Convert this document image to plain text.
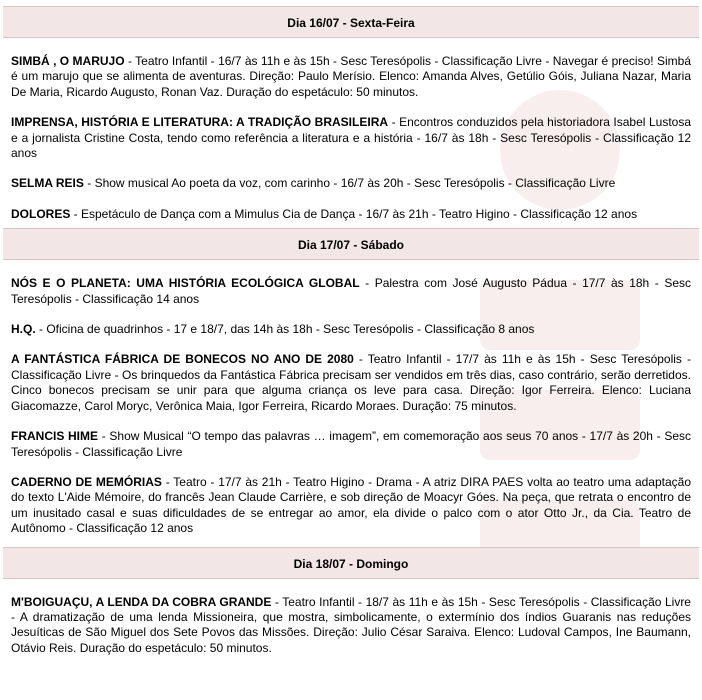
Dia 16/07 - Sexta-Feira
SIMBÁ , O MARUJO - Teatro Infantil - 16/7 às 11h e às 15h - Sesc Teresópolis - Classificação Livre - Navegar é preciso! Simbá é um marujo que se alimenta de aventuras. Direção: Paulo Merísio. Elenco: Amanda Alves, Getúlio Góis, Juliana Nazar, Maria De Maria, Ricardo Augusto, Ronan Vaz. Duração do espetáculo: 50 minutos.
IMPRENSA, HISTÓRIA E LITERATURA: A TRADIÇÃO BRASILEIRA - Encontros conduzidos pela historiadora Isabel Lustosa e a jornalista Cristine Costa, tendo como referência a literatura e a história - 16/7 às 18h - Sesc Teresópolis - Classificação 12 anos
SELMA REIS - Show musical Ao poeta da voz, com carinho - 16/7 às 20h - Sesc Teresópolis - Classificação Livre
DOLORES - Espetáculo de Dança com a Mimulus Cia de Dança - 16/7 às 21h - Teatro Higino - Classificação 12 anos
Dia 17/07 - Sábado
NÓS E O PLANETA: UMA HISTÓRIA ECOLÓGICA GLOBAL - Palestra com José Augusto Pádua - 17/7 às 18h - Sesc Teresópolis - Classificação 14 anos
H.Q. - Oficina de quadrinhos - 17 e 18/7, das 14h às 18h - Sesc Teresópolis - Classificação 8 anos
A FANTÁSTICA FÁBRICA DE BONECOS NO ANO DE 2080 - Teatro Infantil - 17/7 às 11h e às 15h - Sesc Teresópolis - Classificação Livre - Os brinquedos da Fantástica Fábrica precisam ser vendidos em três dias, caso contrário, serão derretidos. Cinco bonecos precisam se unir para que alguma criança os leve para casa. Direção: Igor Ferreira. Elenco: Luciana Giacomazze, Carol Moryc, Verônica Maia, Igor Ferreira, Ricardo Moraes. Duração: 75 minutos.
FRANCIS HIME - Show Musical “O tempo das palavras … imagem”, em comemoração aos seus 70 anos - 17/7 às 20h - Sesc Teresópolis - Classificação Livre
CADERNO DE MEMÓRIAS - Teatro - 17/7 às 21h - Teatro Higino - Drama - A atriz DIRA PAES volta ao teatro uma adaptação do texto L'Aide Mémoire, do francês Jean Claude Carrière, e sob direção de Moacyr Góes. Na peça, que retrata o encontro de um inusitado casal e suas dificuldades de se entregar ao amor, ela divide o palco com o ator Otto Jr., da Cia. Teatro de Autônomo - Classificação 12 anos
Dia 18/07 - Domingo
M'BOIGUAÇU, A LENDA DA COBRA GRANDE - Teatro Infantil - 18/7 às 11h e às 15h - Sesc Teresópolis - Classificação Livre - A dramatização de uma lenda Missioneira, que mostra, simbolicamente, o extermínio dos índios Guaranis nas reduções Jesuíticas de São Miguel dos Sete Povos das Missões. Direção: Julio César Saraiva. Elenco: Ludoval Campos, Ine Baumann, Otávio Reis. Duração do espetáculo: 50 minutos.
